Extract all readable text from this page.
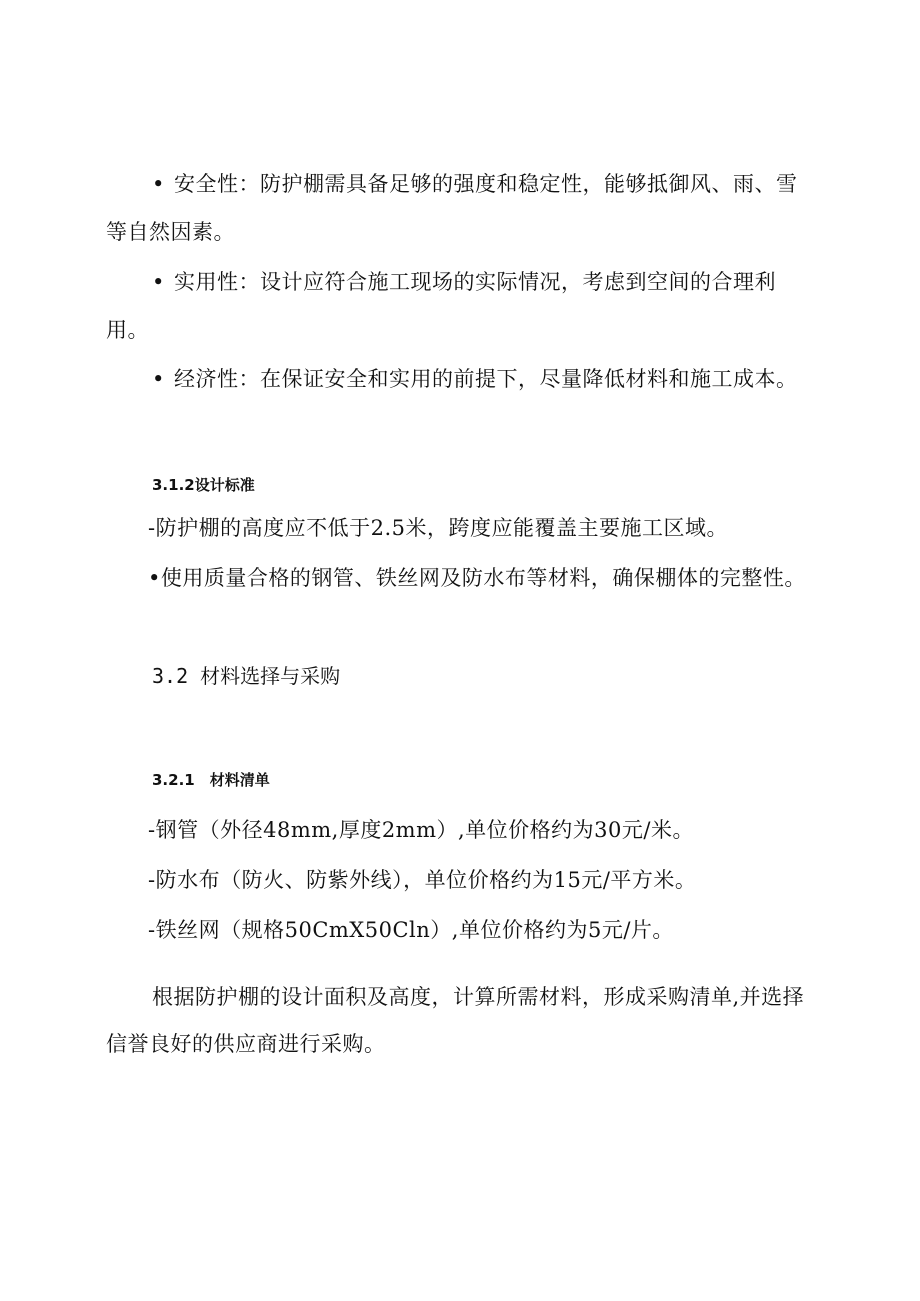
• 安全性：防护棚需具备足够的强度和稳定性，能够抵御风、雨、雪
等自然因素。
• 实用性：设计应符合施工现场的实际情况，考虑到空间的合理利
用。
• 经济性：在保证安全和实用的前提下，尽量降低材料和施工成本。
3.1.2设计标准
-防护棚的高度应不低于2.5米，跨度应能覆盖主要施工区域。
•使用质量合格的钢管、铁丝网及防水布等材料，确保棚体的完整性。
3.2 材料选择与采购
3.2.1　材料清单
-钢管（外径48mm,厚度2mm）,单位价格约为30元/米。
-防水布（防火、防紫外线），单位价格约为15元/平方米。
-铁丝网（规格50CmX50Cln）,单位价格约为5元/片。
根据防护棚的设计面积及高度，计算所需材料，形成采购清单,并选择
信誉良好的供应商进行采购。
